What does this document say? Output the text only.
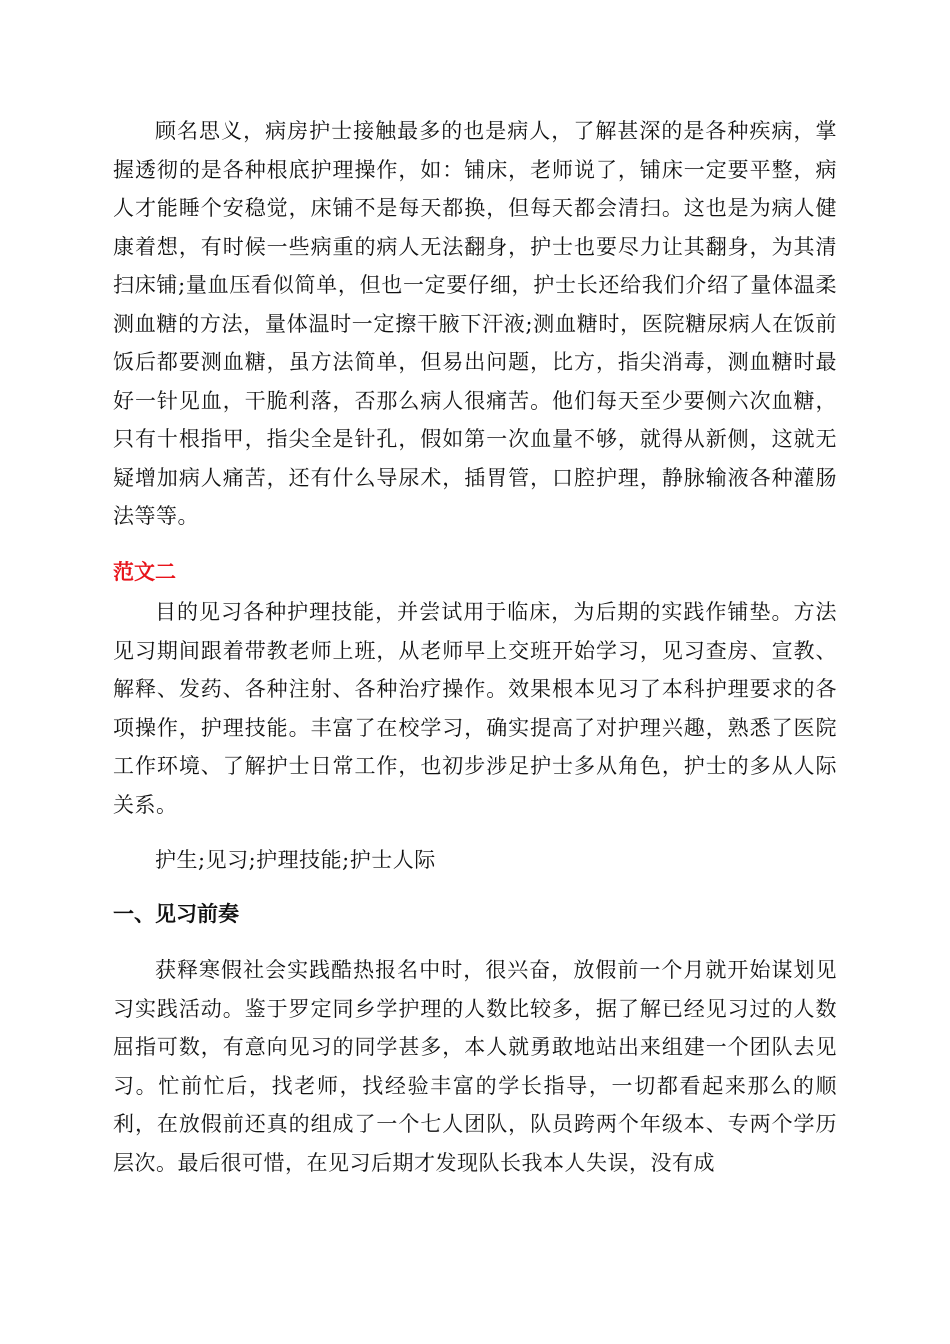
顾名思义，病房护士接触最多的也是病人，了解甚深的是各种疾病，掌握透彻的是各种根底护理操作，如：铺床，老师说了，铺床一定要平整，病人才能睡个安稳觉，床铺不是每天都换，但每天都会清扫。这也是为病人健康着想，有时候一些病重的病人无法翻身，护士也要尽力让其翻身，为其清扫床铺;量血压看似简单，但也一定要仔细，护士长还给我们介绍了量体温柔测血糖的方法，量体温时一定擦干腋下汗液;测血糖时，医院糖尿病人在饭前饭后都要测血糖，虽方法简单，但易出问题，比方，指尖消毒，测血糖时最好一针见血，干脆利落，否那么病人很痛苦。他们每天至少要侧六次血糖，只有十根指甲，指尖全是针孔，假如第一次血量不够，就得从新侧，这就无疑增加病人痛苦，还有什么导尿术，插胃管，口腔护理，静脉输液各种灌肠法等等。

范文二

目的见习各种护理技能，并尝试用于临床，为后期的实践作铺垫。方法见习期间跟着带教老师上班，从老师早上交班开始学习，见习查房、宣教、解释、发药、各种注射、各种治疗操作。效果根本见习了本科护理要求的各项操作，护理技能。丰富了在校学习，确实提高了对护理兴趣，熟悉了医院工作环境、了解护士日常工作，也初步涉足护士多从角色，护士的多从人际关系。

护生;见习;护理技能;护士人际

一、见习前奏

获释寒假社会实践酷热报名中时，很兴奋，放假前一个月就开始谋划见习实践活动。鉴于罗定同乡学护理的人数比较多，据了解已经见习过的人数屈指可数，有意向见习的同学甚多，本人就勇敢地站出来组建一个团队去见习。忙前忙后，找老师，找经验丰富的学长指导，一切都看起来那么的顺利，在放假前还真的组成了一个七人团队，队员跨两个年级本、专两个学历层次。最后很可惜，在见习后期才发现队长我本人失误，没有成
